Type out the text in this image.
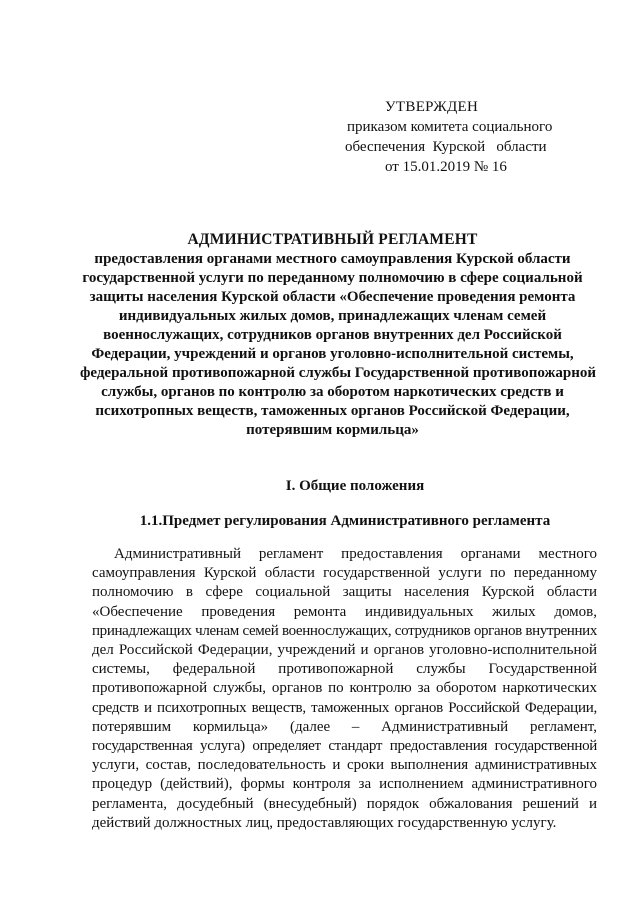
УТВЕРЖДЕН
приказом комитета социального
обеспечения  Курской   области
от 15.01.2019 № 16
АДМИНИСТРАТИВНЫЙ РЕГЛАМЕНТ
предоставления органами местного самоуправления Курской области
государственной услуги по переданному полномочию в сфере социальной
защиты населения Курской области «Обеспечение проведения ремонта
индивидуальных жилых домов, принадлежащих членам семей
военнослужащих, сотрудников органов внутренних дел Российской
Федерации, учреждений и органов уголовно-исполнительной системы,
федеральной противопожарной службы Государственной противопожарной
службы, органов по контролю за оборотом наркотических средств и
психотропных веществ, таможенных органов Российской Федерации,
потерявшим кормильца»
I. Общие положения
1.1.Предмет регулирования Административного регламента
Административный регламент предоставления органами местного
самоуправления Курской области государственной услуги по переданному
полномочию в сфере социальной защиты населения Курской области
«Обеспечение проведения ремонта индивидуальных жилых домов,
принадлежащих членам семей военнослужащих, сотрудников органов внутренних
дел Российской Федерации, учреждений и органов уголовно-исполнительной
системы, федеральной противопожарной службы Государственной
противопожарной службы, органов по контролю за оборотом наркотических
средств и психотропных веществ, таможенных органов Российской Федерации,
потерявшим кормильца» (далее – Административный регламент,
государственная услуга) определяет стандарт предоставления государственной
услуги, состав, последовательность и сроки выполнения административных
процедур (действий), формы контроля за исполнением административного
регламента, досудебный (внесудебный) порядок обжалования решений и
действий должностных лиц, предоставляющих государственную услугу.
